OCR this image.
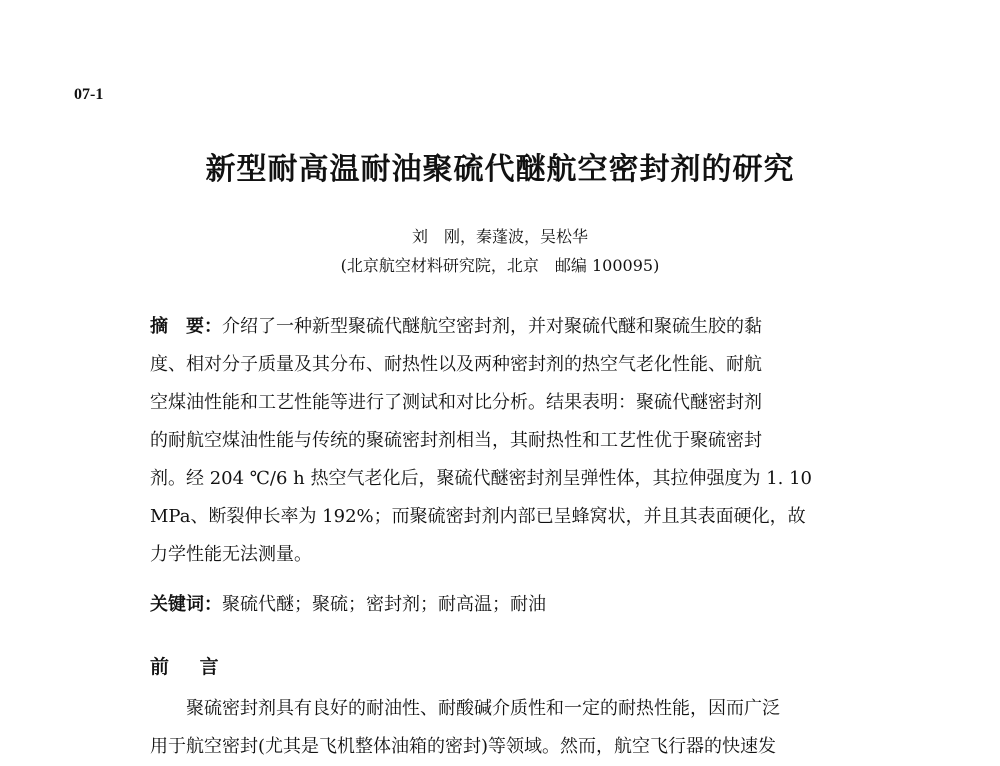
07-1
新型耐高温耐油聚硫代醚航空密封剂的研究
刘　刚，秦蓬波，吴松华
(北京航空材料研究院，北京　邮编 100095)
摘　要：介绍了一种新型聚硫代醚航空密封剂，并对聚硫代醚和聚硫生胶的黏
度、相对分子质量及其分布、耐热性以及两种密封剂的热空气老化性能、耐航
空煤油性能和工艺性能等进行了测试和对比分析。结果表明：聚硫代醚密封剂
的耐航空煤油性能与传统的聚硫密封剂相当，其耐热性和工艺性优于聚硫密封
剂。经 204 ℃/6 h 热空气老化后，聚硫代醚密封剂呈弹性体，其拉伸强度为 1. 10
MPa、断裂伸长率为 192%；而聚硫密封剂内部已呈蜂窝状，并且其表面硬化，故
力学性能无法测量。
关键词：聚硫代醚；聚硫；密封剂；耐高温；耐油
前 言
聚硫密封剂具有良好的耐油性、耐酸碱介质性和一定的耐热性能，因而广泛
用于航空密封(尤其是飞机整体油箱的密封)等领域。然而，航空飞行器的快速发
